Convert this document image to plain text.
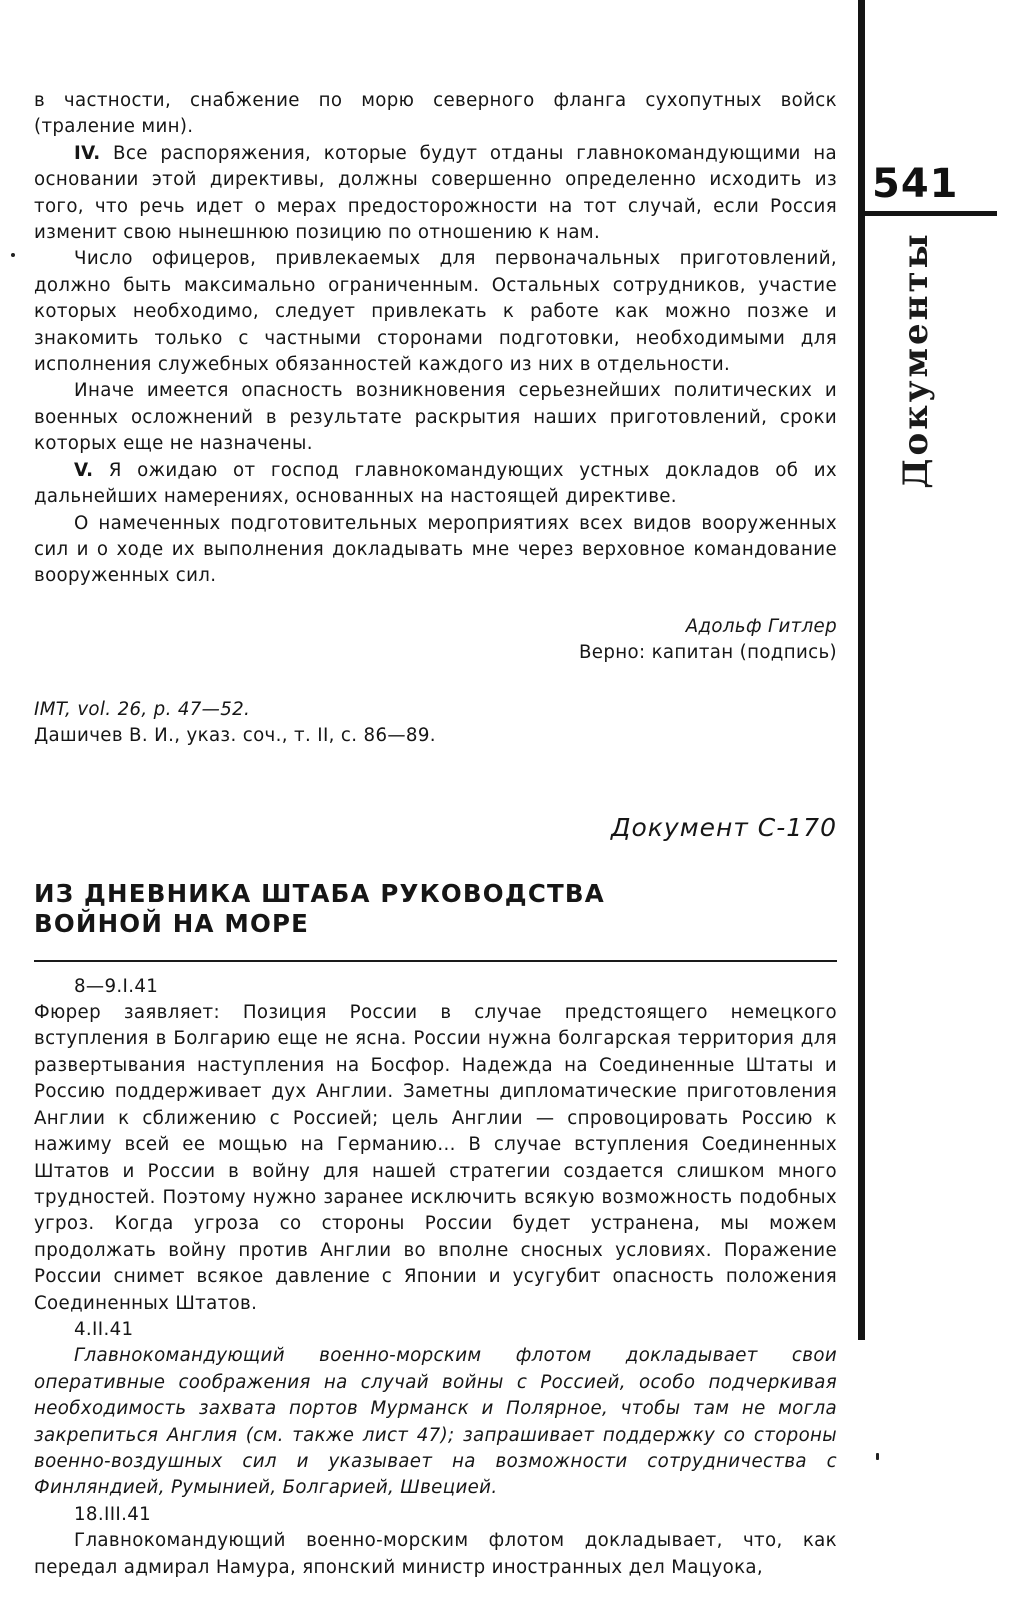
541
Документы

в частности, снабжение по морю северного фланга сухопутных войск (траление мин).

IV. Все распоряжения, которые будут отданы главнокомандующими на основании этой директивы, должны совершенно определенно исходить из того, что речь идет о мерах предосторожности на тот случай, если Россия изменит свою нынешнюю позицию по отношению к нам.

Число офицеров, привлекаемых для первоначальных приготовлений, должно быть максимально ограниченным. Остальных сотрудников, участие которых необходимо, следует привлекать к работе как можно позже и знакомить только с частными сторонами подготовки, необходимыми для исполнения служебных обязанностей каждого из них в отдельности.

Иначе имеется опасность возникновения серьезнейших политических и военных осложнений в результате раскрытия наших приготовлений, сроки которых еще не назначены.

V. Я ожидаю от господ главнокомандующих устных докладов об их дальнейших намерениях, основанных на настоящей директиве.

О намеченных подготовительных мероприятиях всех видов вооруженных сил и о ходе их выполнения докладывать мне через верховное командование вооруженных сил.

Адольф Гитлер

Верно: капитан (подпись)

IMT, vol. 26, p. 47—52.

Дашичев В. И., указ. соч., т. II, с. 86—89.

Документ С-170

ИЗ ДНЕВНИКА ШТАБА РУКОВОДСТВА
ВОЙНОЙ НА МОРЕ

8—9.I.41

Фюрер заявляет: Позиция России в случае предстоящего немецкого вступления в Болгарию еще не ясна. России нужна болгарская территория для развертывания наступления на Босфор. Надежда на Соединенные Штаты и Россию поддерживает дух Англии. Заметны дипломатические приготовления Англии к сближению с Россией; цель Англии — спровоцировать Россию к нажиму всей ее мощью на Германию... В случае вступления Соединенных Штатов и России в войну для нашей стратегии создается слишком много трудностей. Поэтому нужно заранее исключить всякую возможность подобных угроз. Когда угроза со стороны России будет устранена, мы можем продолжать войну против Англии во вполне сносных условиях. Поражение России снимет всякое давление с Японии и усугубит опасность положения Соединенных Штатов.

4.II.41

Главнокомандующий военно-морским флотом докладывает свои оперативные соображения на случай войны с Россией, особо подчеркивая необходимость захвата портов Мурманск и Полярное, чтобы там не могла закрепиться Англия (см. также лист 47); запрашивает поддержку со стороны военно-воздушных сил и указывает на возможности сотрудничества с Финляндией, Румынией, Болгарией, Швецией.

18.III.41

Главнокомандующий военно-морским флотом докладывает, что, как передал адмирал Намура, японский министр иностранных дел Мацуока,
